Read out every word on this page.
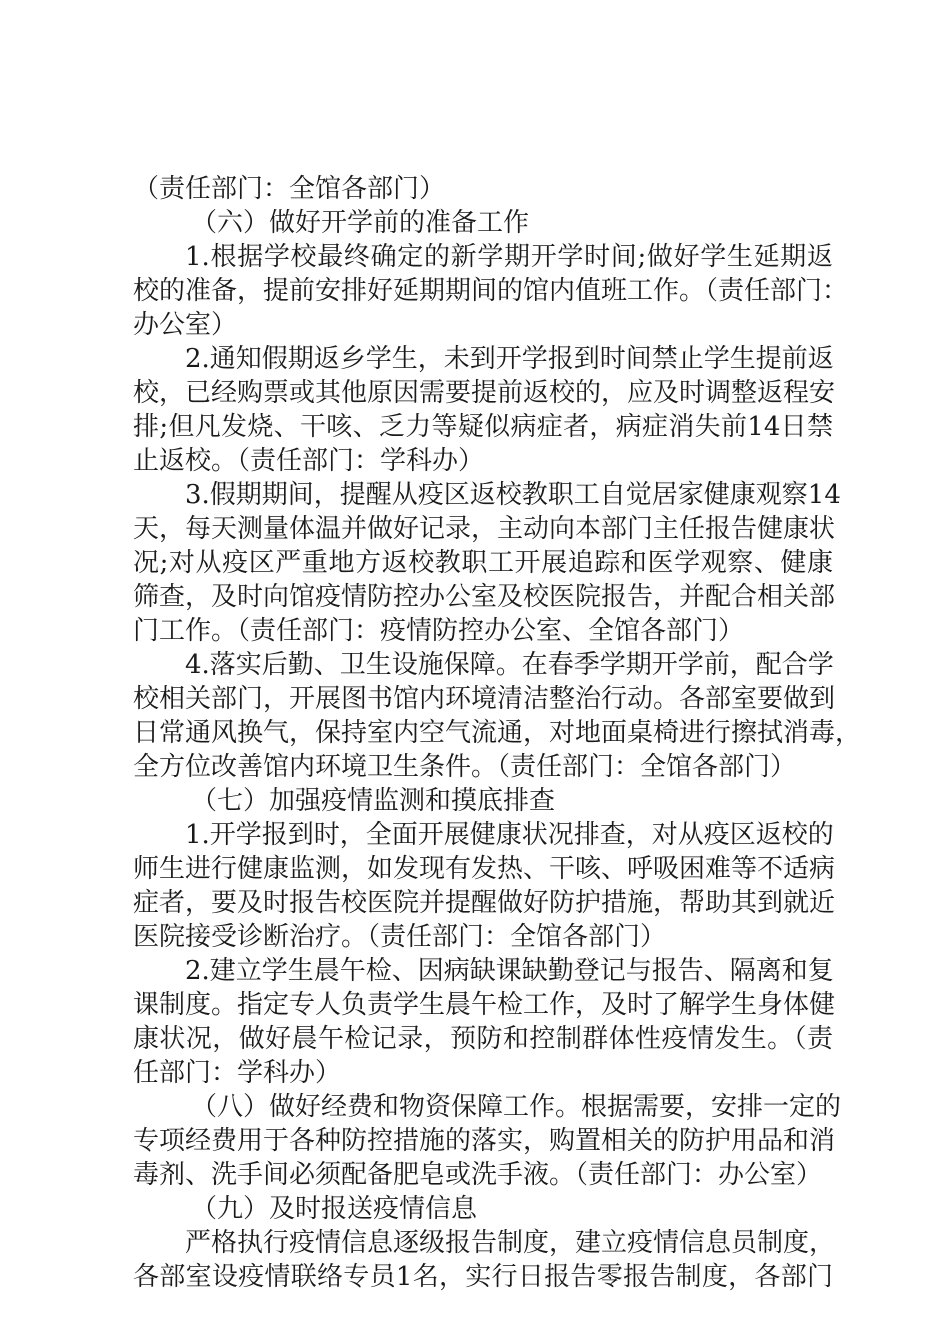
（责任部门：全馆各部门）
（六）做好开学前的准备工作
1.根据学校最终确定的新学期开学时间;做好学生延期返
校的准备，提前安排好延期期间的馆内值班工作。（责任部门：
办公室）
2.通知假期返乡学生，未到开学报到时间禁止学生提前返
校，已经购票或其他原因需要提前返校的，应及时调整返程安
排;但凡发烧、干咳、乏力等疑似病症者，病症消失前14日禁
止返校。（责任部门：学科办）
3.假期期间，提醒从疫区返校教职工自觉居家健康观察14
天，每天测量体温并做好记录，主动向本部门主任报告健康状
况;对从疫区严重地方返校教职工开展追踪和医学观察、健康
筛查，及时向馆疫情防控办公室及校医院报告，并配合相关部
门工作。（责任部门：疫情防控办公室、全馆各部门）
4.落实后勤、卫生设施保障。在春季学期开学前，配合学
校相关部门，开展图书馆内环境清洁整治行动。各部室要做到
日常通风换气，保持室内空气流通，对地面桌椅进行擦拭消毒，
全方位改善馆内环境卫生条件。（责任部门：全馆各部门）
（七）加强疫情监测和摸底排查
1.开学报到时，全面开展健康状况排查，对从疫区返校的
师生进行健康监测，如发现有发热、干咳、呼吸困难等不适病
症者，要及时报告校医院并提醒做好防护措施，帮助其到就近
医院接受诊断治疗。（责任部门：全馆各部门）
2.建立学生晨午检、因病缺课缺勤登记与报告、隔离和复
课制度。指定专人负责学生晨午检工作，及时了解学生身体健
康状况，做好晨午检记录，预防和控制群体性疫情发生。（责
任部门：学科办）
（八）做好经费和物资保障工作。根据需要，安排一定的
专项经费用于各种防控措施的落实，购置相关的防护用品和消
毒剂、洗手间必须配备肥皂或洗手液。（责任部门：办公室）
（九）及时报送疫情信息
严格执行疫情信息逐级报告制度，建立疫情信息员制度，
各部室设疫情联络专员1名，实行日报告零报告制度，各部门
